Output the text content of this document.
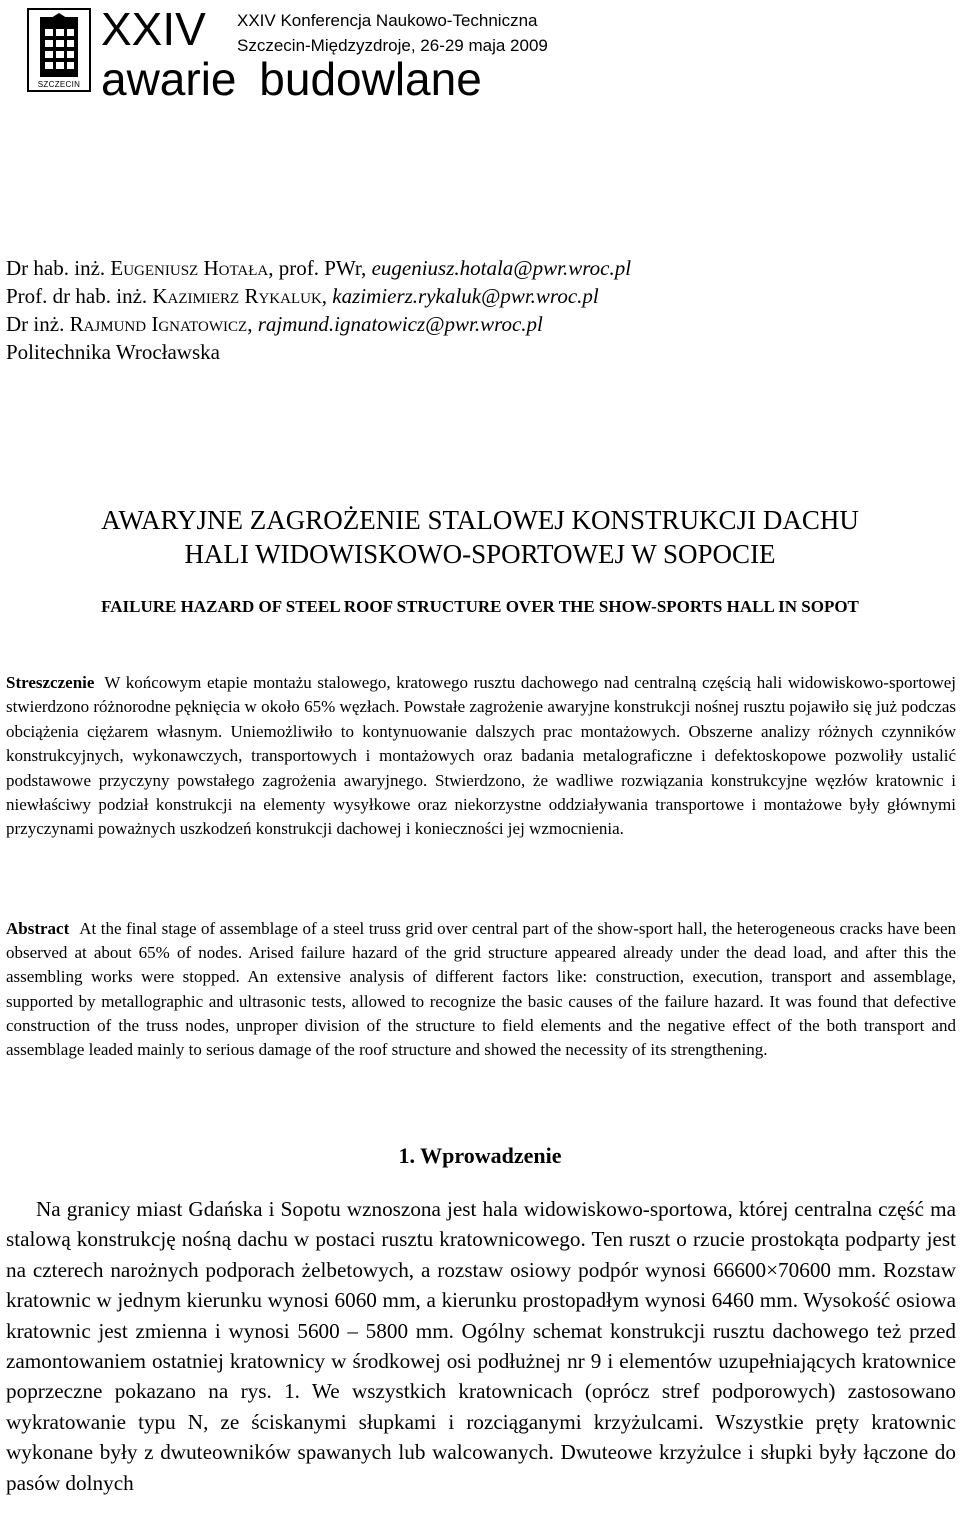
SZCZECIN
XXIV XXIV Konferencja Naukowo-Techniczna
Szczecin-Międzyzdroje, 26-29 maja 2009
awarie budowlane
Dr hab. inż. Eugeniusz Hotała, prof. PWr, eugeniusz.hotala@pwr.wroc.pl
Prof. dr hab. inż. Kazimierz Rykaluk, kazimierz.rykaluk@pwr.wroc.pl
Dr inż. Rajmund Ignatowicz, rajmund.ignatowicz@pwr.wroc.pl
Politechnika Wrocławska
AWARYJNE ZAGROŻENIE STALOWEJ KONSTRUKCJI DACHU
HALI WIDOWISKOWO-SPORTOWEJ W SOPOCIE
FAILURE HAZARD OF STEEL ROOF STRUCTURE OVER THE SHOW-SPORTS HALL IN SOPOT
Streszczenie W końcowym etapie montażu stalowego, kratowego rusztu dachowego nad centralną częścią hali widowiskowo-sportowej stwierdzono różnorodne pęknięcia w około 65% węzłach. Powstałe zagrożenie awaryjne konstrukcji nośnej rusztu pojawiło się już podczas obciążenia ciężarem własnym. Uniemożliwiło to kontynuowanie dalszych prac montażowych. Obszerne analizy różnych czynników konstrukcyjnych, wykonawczych, transportowych i montażowych oraz badania metalograficzne i defektoskopowe pozwoliły ustalić podstawowe przyczyny powstałego zagrożenia awaryjnego. Stwierdzono, że wadliwe rozwiązania konstrukcyjne węzłów kratownic i niewłaściwy podział konstrukcji na elementy wysyłkowe oraz niekorzystne oddziaływania transportowe i montażowe były głównymi przyczynami poważnych uszkodzeń konstrukcji dachowej i konieczności jej wzmocnienia.
Abstract At the final stage of assemblage of a steel truss grid over central part of the show-sport hall, the heterogeneous cracks have been observed at about 65% of nodes. Arised failure hazard of the grid structure appeared already under the dead load, and after this the assembling works were stopped. An extensive analysis of different factors like: construction, execution, transport and assemblage, supported by metallographic and ultrasonic tests, allowed to recognize the basic causes of the failure hazard. It was found that defective construction of the truss nodes, unproper division of the structure to field elements and the negative effect of the both transport and assemblage leaded mainly to serious damage of the roof structure and showed the necessity of its strengthening.
1. Wprowadzenie
Na granicy miast Gdańska i Sopotu wznoszona jest hala widowiskowo-sportowa, której centralna część ma stalową konstrukcję nośną dachu w postaci rusztu kratownicowego. Ten ruszt o rzucie prostokąta podparty jest na czterech narożnych podporach żelbetowych, a rozstaw osiowy podpór wynosi 66600×70600 mm. Rozstaw kratownic w jednym kierunku wynosi 6060 mm, a kierunku prostopadłym wynosi 6460 mm. Wysokość osiowa kratownic jest zmienna i wynosi 5600 – 5800 mm. Ogólny schemat konstrukcji rusztu dachowego też przed zamontowaniem ostatniej kratownicy w środkowej osi podłużnej nr 9 i elementów uzupełniających kratownice poprzeczne pokazano na rys. 1. We wszystkich kratownicach (oprócz stref podporowych) zastosowano wykratowanie typu N, ze ściskanymi słupkami i rozciąganymi krzyżulcami. Wszystkie pręty kratownic wykonane były z dwuteowników spawanych lub walcowanych. Dwuteowe krzyżulce i słupki były łączone do pasów dolnych
